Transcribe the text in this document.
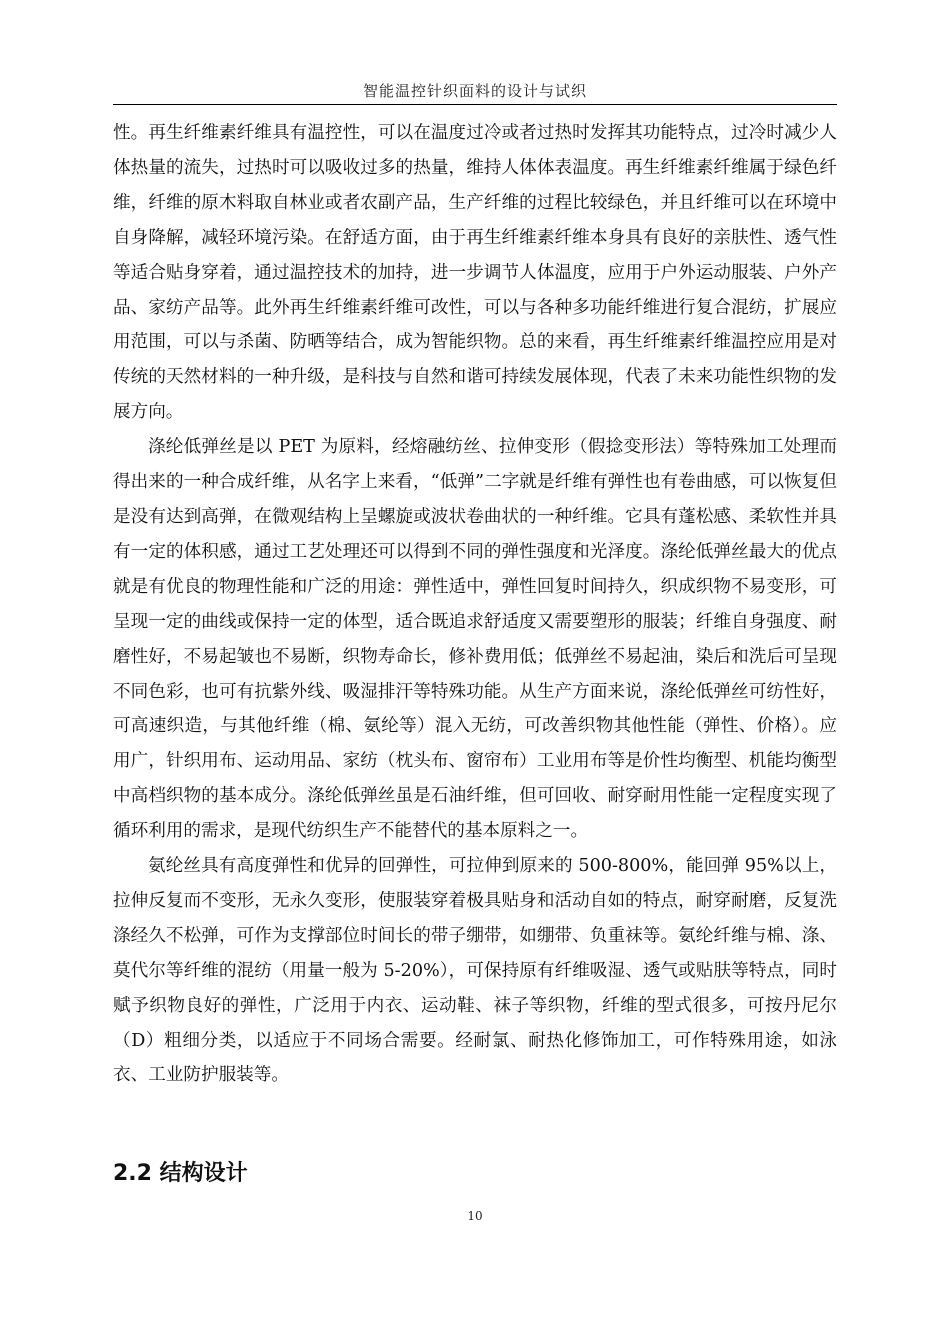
智能温控针织面料的设计与试织

性。再生纤维素纤维具有温控性，可以在温度过冷或者过热时发挥其功能特点，过冷时减少人体热量的流失，过热时可以吸收过多的热量，维持人体体表温度。再生纤维素纤维属于绿色纤维，纤维的原木料取自林业或者农副产品，生产纤维的过程比较绿色，并且纤维可以在环境中自身降解，减轻环境污染。在舒适方面，由于再生纤维素纤维本身具有良好的亲肤性、透气性等适合贴身穿着，通过温控技术的加持，进一步调节人体温度，应用于户外运动服装、户外产品、家纺产品等。此外再生纤维素纤维可改性，可以与各种多功能纤维进行复合混纺，扩展应用范围，可以与杀菌、防晒等结合，成为智能织物。总的来看，再生纤维素纤维温控应用是对传统的天然材料的一种升级，是科技与自然和谐可持续发展体现，代表了未来功能性织物的发展方向。

涤纶低弹丝是以 PET 为原料，经熔融纺丝、拉伸变形（假捻变形法）等特殊加工处理而得出来的一种合成纤维，从名字上来看，“低弹”二字就是纤维有弹性也有卷曲感，可以恢复但是没有达到高弹，在微观结构上呈螺旋或波状卷曲状的一种纤维。它具有蓬松感、柔软性并具有一定的体积感，通过工艺处理还可以得到不同的弹性强度和光泽度。涤纶低弹丝最大的优点就是有优良的物理性能和广泛的用途：弹性适中，弹性回复时间持久，织成织物不易变形，可呈现一定的曲线或保持一定的体型，适合既追求舒适度又需要塑形的服装；纤维自身强度、耐磨性好，不易起皱也不易断，织物寿命长，修补费用低；低弹丝不易起油，染后和洗后可呈现不同色彩，也可有抗紫外线、吸湿排汗等特殊功能。从生产方面来说，涤纶低弹丝可纺性好，可高速织造，与其他纤维（棉、氨纶等）混入无纺，可改善织物其他性能（弹性、价格）。应用广，针织用布、运动用品、家纺（枕头布、窗帘布）工业用布等是价性均衡型、机能均衡型中高档织物的基本成分。涤纶低弹丝虽是石油纤维，但可回收、耐穿耐用性能一定程度实现了循环利用的需求，是现代纺织生产不能替代的基本原料之一。

氨纶丝具有高度弹性和优异的回弹性，可拉伸到原来的 500-800%，能回弹 95%以上，拉伸反复而不变形，无永久变形，使服装穿着极具贴身和活动自如的特点，耐穿耐磨，反复洗涤经久不松弹，可作为支撑部位时间长的带子绷带，如绷带、负重袜等。氨纶纤维与棉、涤、莫代尔等纤维的混纺（用量一般为 5-20%），可保持原有纤维吸湿、透气或贴肤等特点，同时赋予织物良好的弹性，广泛用于内衣、运动鞋、袜子等织物，纤维的型式很多，可按丹尼尔（D）粗细分类，以适应于不同场合需要。经耐氯、耐热化修饰加工，可作特殊用途，如泳衣、工业防护服装等。

2.2 结构设计
10
